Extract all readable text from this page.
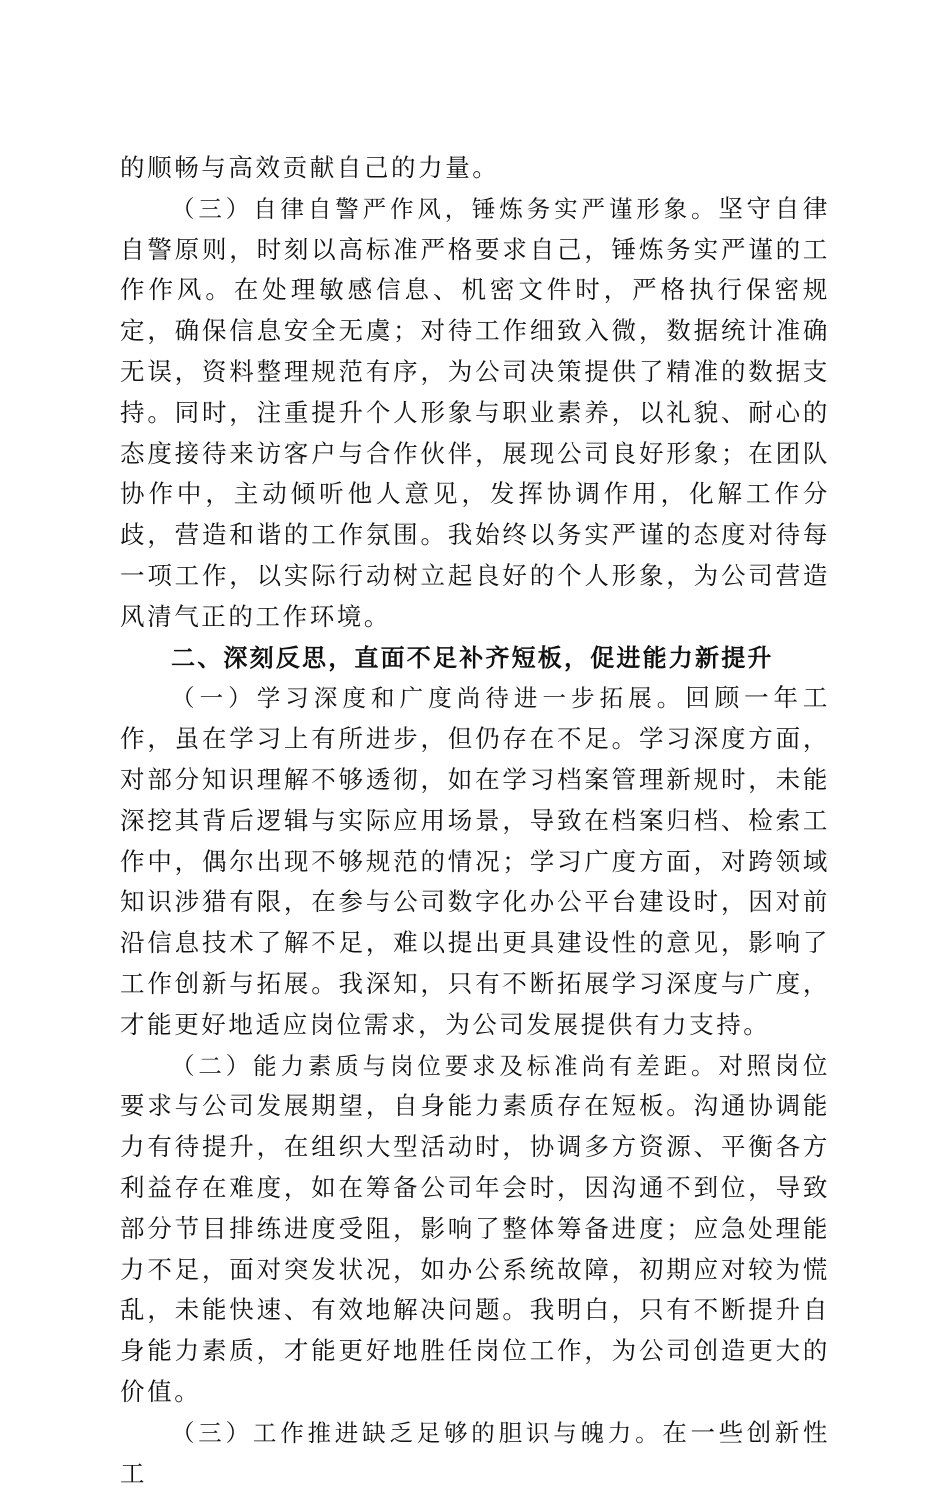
的顺畅与高效贡献自己的力量。

（三）自律自警严作风，锤炼务实严谨形象。坚守自律自警原则，时刻以高标准严格要求自己，锤炼务实严谨的工作作风。在处理敏感信息、机密文件时，严格执行保密规定，确保信息安全无虞；对待工作细致入微，数据统计准确无误，资料整理规范有序，为公司决策提供了精准的数据支持。同时，注重提升个人形象与职业素养，以礼貌、耐心的态度接待来访客户与合作伙伴，展现公司良好形象；在团队协作中，主动倾听他人意见，发挥协调作用，化解工作分歧，营造和谐的工作氛围。我始终以务实严谨的态度对待每一项工作，以实际行动树立起良好的个人形象，为公司营造风清气正的工作环境。

二、深刻反思，直面不足补齐短板，促进能力新提升

（一）学习深度和广度尚待进一步拓展。回顾一年工作，虽在学习上有所进步，但仍存在不足。学习深度方面，对部分知识理解不够透彻，如在学习档案管理新规时，未能深挖其背后逻辑与实际应用场景，导致在档案归档、检索工作中，偶尔出现不够规范的情况；学习广度方面，对跨领域知识涉猎有限，在参与公司数字化办公平台建设时，因对前沿信息技术了解不足，难以提出更具建设性的意见，影响了工作创新与拓展。我深知，只有不断拓展学习深度与广度，才能更好地适应岗位需求，为公司发展提供有力支持。

（二）能力素质与岗位要求及标准尚有差距。对照岗位要求与公司发展期望，自身能力素质存在短板。沟通协调能力有待提升，在组织大型活动时，协调多方资源、平衡各方利益存在难度，如在筹备公司年会时，因沟通不到位，导致部分节目排练进度受阻，影响了整体筹备进度；应急处理能力不足，面对突发状况，如办公系统故障，初期应对较为慌乱，未能快速、有效地解决问题。我明白，只有不断提升自身能力素质，才能更好地胜任岗位工作，为公司创造更大的价值。

（三）工作推进缺乏足够的胆识与魄力。在一些创新性工
